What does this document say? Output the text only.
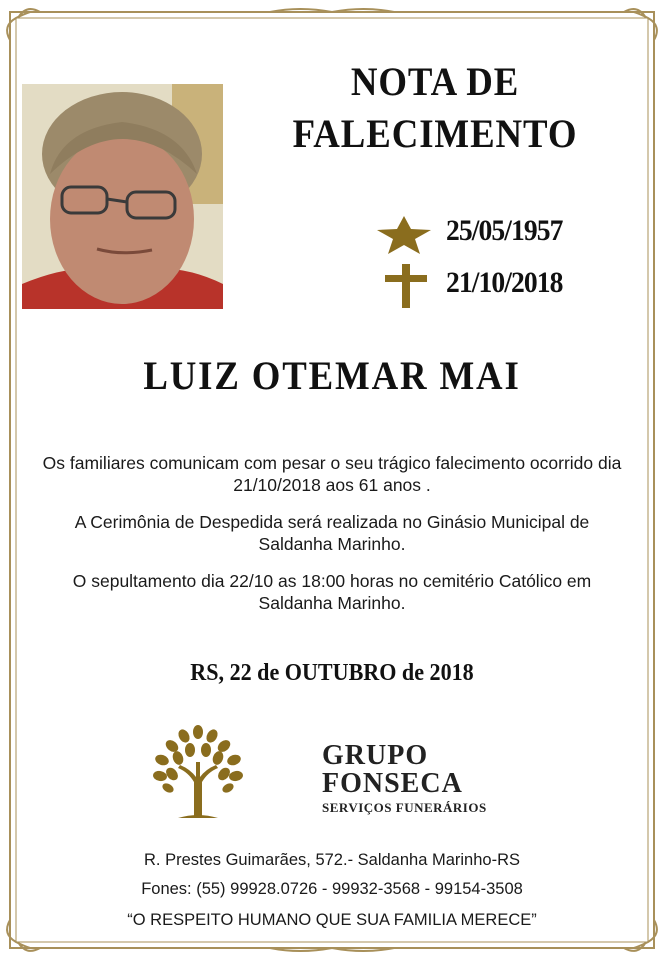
NOTA DE
FALECIMENTO
25/05/1957
21/10/2018
LUIZ OTEMAR MAI
Os familiares comunicam com pesar o seu trágico falecimento ocorrido dia 21/10/2018 aos 61 anos .
A Cerimônia de Despedida será realizada no Ginásio Municipal de Saldanha Marinho.
O sepultamento dia 22/10 as 18:00 horas no cemitério Católico em Saldanha Marinho.
RS, 22 de OUTUBRO de 2018
GRUPO
FONSECA
SERVIÇOS FUNERÁRIOS
R. Prestes Guimarães, 572.- Saldanha Marinho-RS
Fones: (55) 99928.0726 - 99932-3568 - 99154-3508
“O RESPEITO HUMANO QUE SUA FAMILIA MERECE”
